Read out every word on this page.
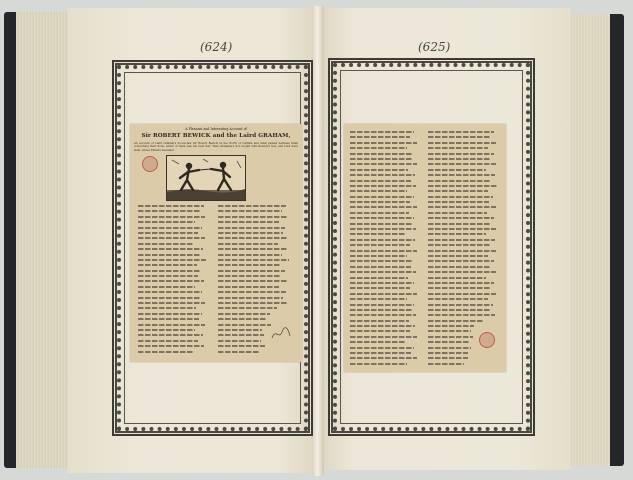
(624)	(625)
A Pleasant and Interesting Account of
Sir ROBERT BEWICK and the Laird GRAHAM,
An Account of Laird Graham's Son-in-law Sir Robert Bewick in the North of Carlisle and what passed between them concerning their Sons, which of them was the best Son: Then Grahame's Son fought with Bewick's Son, and both were slain, whose Fathers bewailed.
